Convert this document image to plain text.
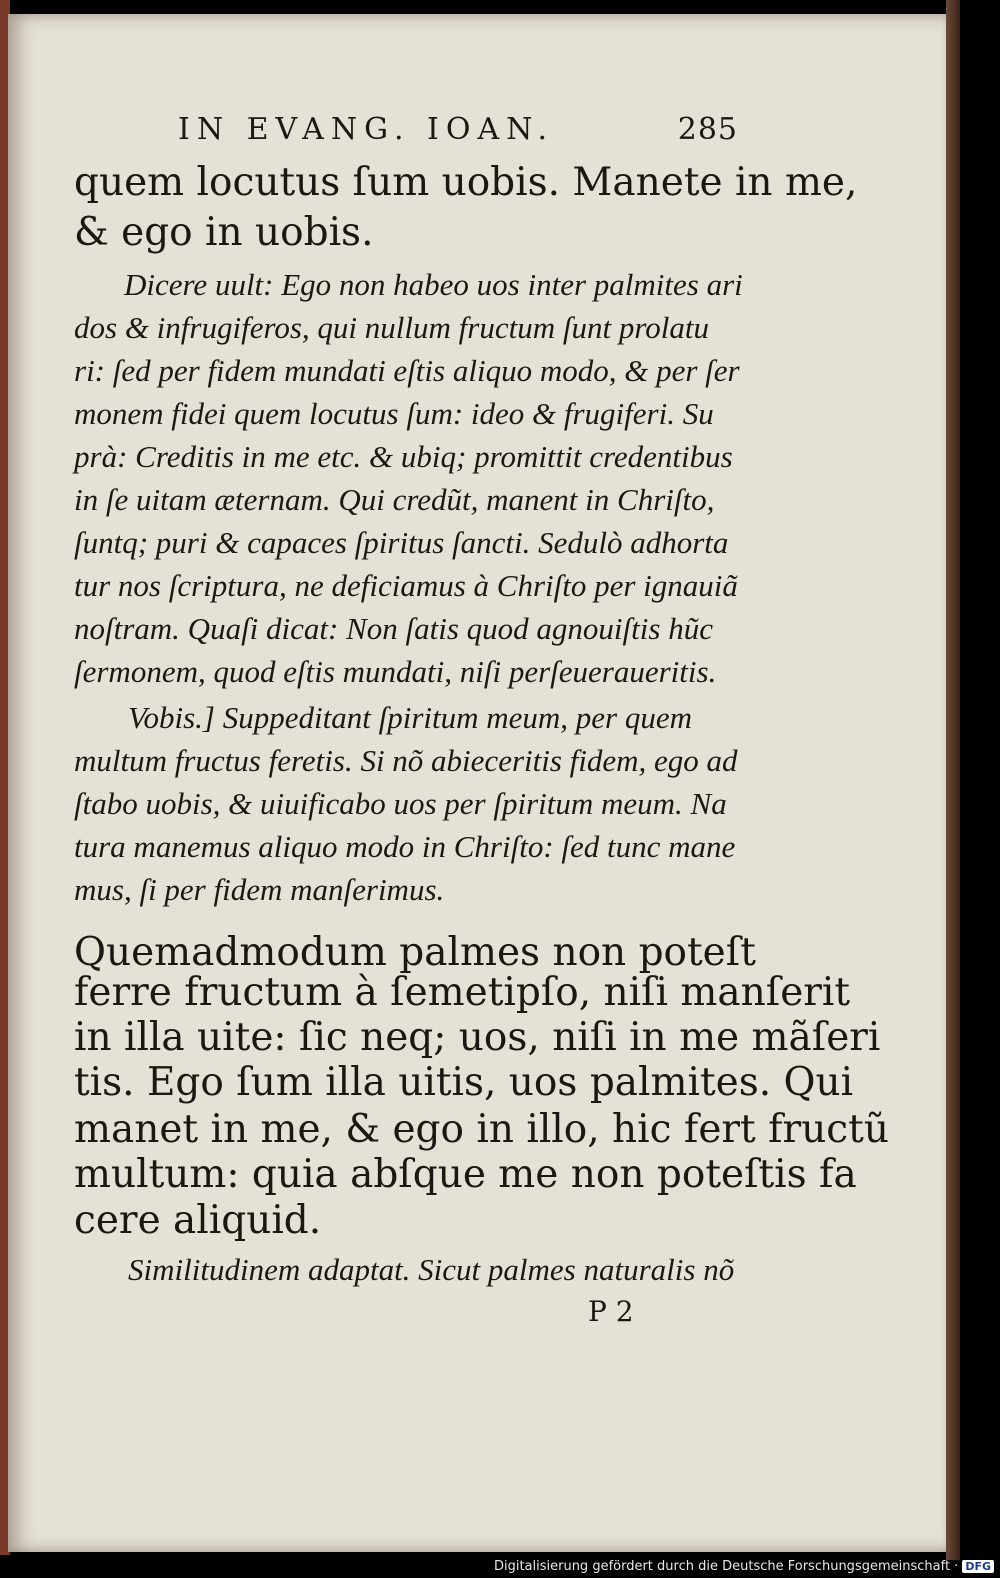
IN EVANG. IOAN.	285
quem locutus ſum uobis. Manete in me,
& ego in uobis.
Dicere uult: Ego non habeo uos inter palmites ari
dos & infrugiferos, qui nullum fructum ſunt prolatu
ri: ſed per fidem mundati eſtis aliquo modo, & per ſer
monem fidei quem locutus ſum: ideo & frugiferi. Su
prà: Creditis in me etc. & ubiq; promittit credentibus
in ſe uitam æternam. Qui credũt, manent in Chriſto,
ſuntq; puri & capaces ſpiritus ſancti. Sedulò adhorta
tur nos ſcriptura, ne deficiamus à Chriſto per ignauiã
noſtram. Quaſi dicat: Non ſatis quod agnouiſtis hũc
ſermonem, quod eſtis mundati, niſi perſeueraueritis.
Vobis.] Suppeditant ſpiritum meum, per quem
multum fructus feretis. Si nõ abieceritis fidem, ego ad
ſtabo uobis, & uiuificabo uos per ſpiritum meum. Na
tura manemus aliquo modo in Chriſto: ſed tunc mane
mus, ſi per fidem manſerimus.
Quemadmodum palmes non poteſt
ferre fructum à ſemetipſo, niſi manſerit
in illa uite: ſic neq; uos, niſi in me mãſeri
tis. Ego ſum illa uitis, uos palmites. Qui
manet in me, & ego in illo, hic fert fructũ
multum: quia abſque me non poteſtis fa
cere aliquid.
Similitudinem adaptat. Sicut palmes naturalis nõ
P 2
Digitalisierung gefördert durch die Deutsche Forschungsgemeinschaft · DFG
